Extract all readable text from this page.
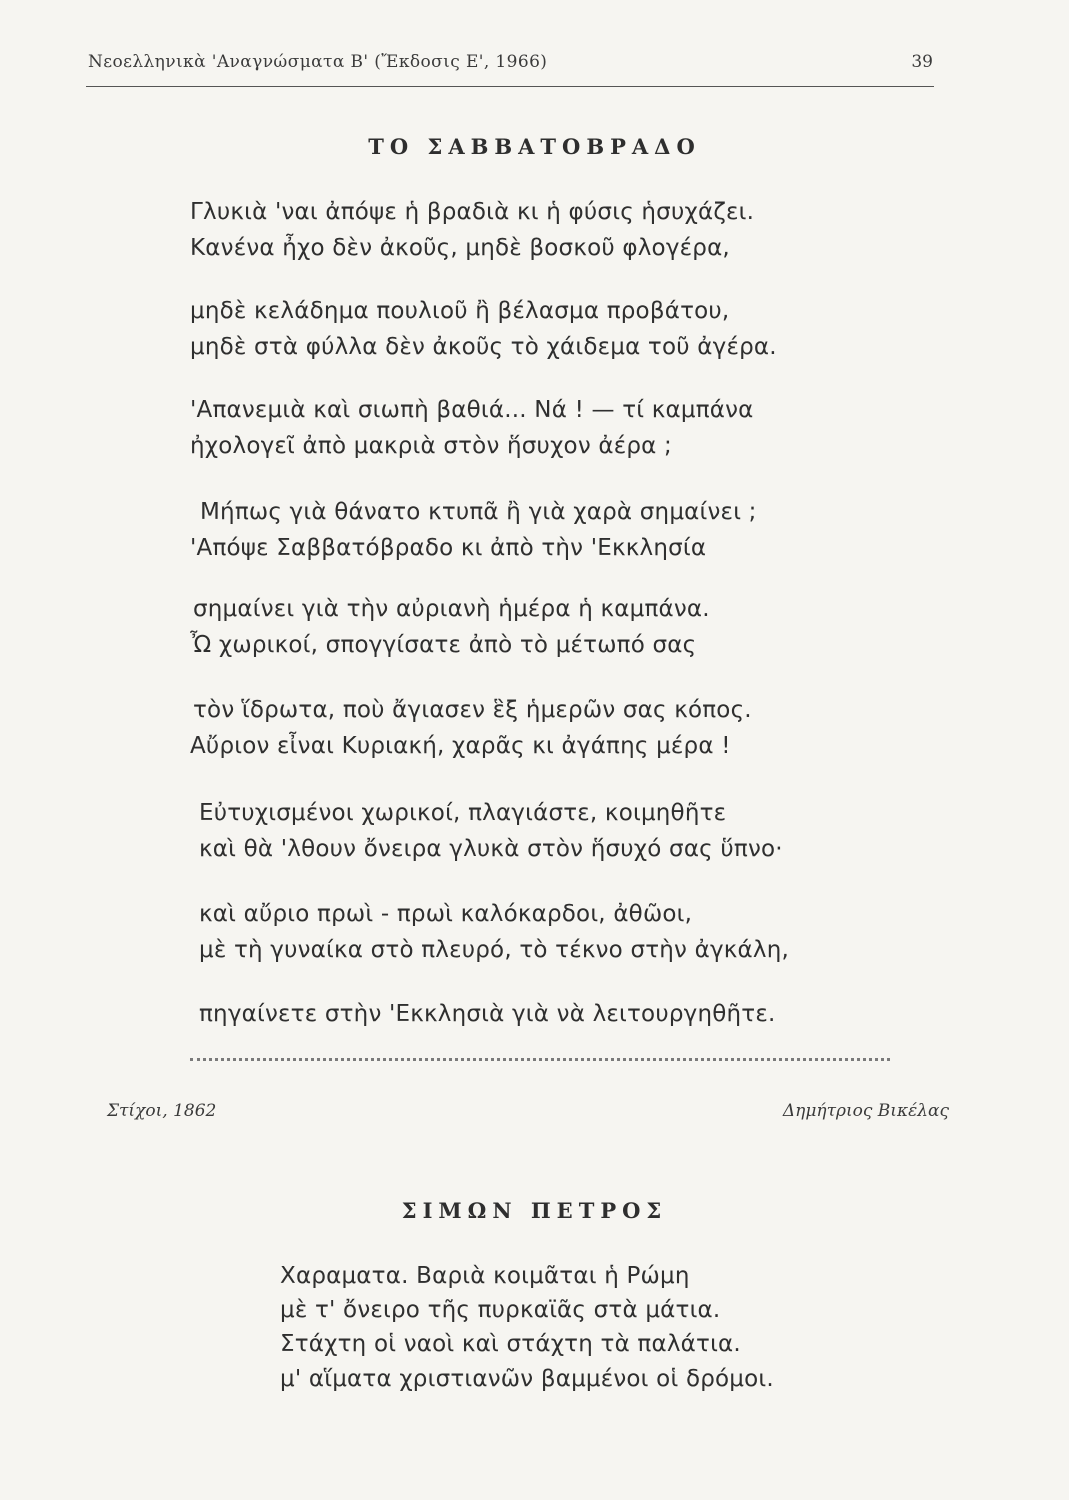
Νεοελληνικὰ 'Αναγνώσματα Β' (Ἔκδοσις Ε', 1966)	39
ΤΟ ΣΑΒΒΑΤΟΒΡΑΔΟ
Γλυκιὰ 'ναι ἀπόψε ἡ βραδιὰ κι ἡ φύσις ἡσυχάζει.
Κανένα ἦχο δὲν ἀκοῦς, μηδὲ βοσκοῦ φλογέρα,
μηδὲ κελάδημα πουλιοῦ ἢ βέλασμα προβάτου,
μηδὲ στὰ φύλλα δὲν ἀκοῦς τὸ χάιδεμα τοῦ ἀγέρα.
'Απανεμιὰ καὶ σιωπὴ βαθιά... Νά ! — τί καμπάνα
ἠχολογεῖ ἀπὸ μακριὰ στὸν ἥσυχον ἀέρα ;
Μήπως γιὰ θάνατο κτυπᾶ ἢ γιὰ χαρὰ σημαίνει ;
'Απόψε Σαββατόβραδο κι ἀπὸ τὴν 'Εκκλησία
σημαίνει γιὰ τὴν αὐριανὴ ἡμέρα ἡ καμπάνα.
Ὦ χωρικοί, σπογγίσατε ἀπὸ τὸ μέτωπό σας
τὸν ἵδρωτα, ποὺ ἄγιασεν ἓξ ἡμερῶν σας κόπος.
Αὔριον εἶναι Κυριακή, χαρᾶς κι ἀγάπης μέρα !
Εὐτυχισμένοι χωρικοί, πλαγιάστε, κοιμηθῆτε
καὶ θὰ 'λθουν ὄνειρα γλυκὰ στὸν ἥσυχό σας ὕπνο·
καὶ αὔριο πρωὶ - πρωὶ καλόκαρδοι, ἀθῶοι,
μὲ τὴ γυναίκα στὸ πλευρό, τὸ τέκνο στὴν ἀγκάλη,
πηγαίνετε στὴν 'Εκκλησιὰ γιὰ νὰ λειτουργηθῆτε.
Στίχοι, 1862	Δημήτριος Βικέλας
ΣΙΜΩΝ ΠΕΤΡΟΣ
Χαραματα. Βαριὰ κοιμᾶται ἡ Ρώμη
μὲ τ' ὄνειρο τῆς πυρκαϊᾶς στὰ μάτια.
Στάχτη οἱ ναοὶ καὶ στάχτη τὰ παλάτια.
μ' αἵματα χριστιανῶν βαμμένοι οἱ δρόμοι.
